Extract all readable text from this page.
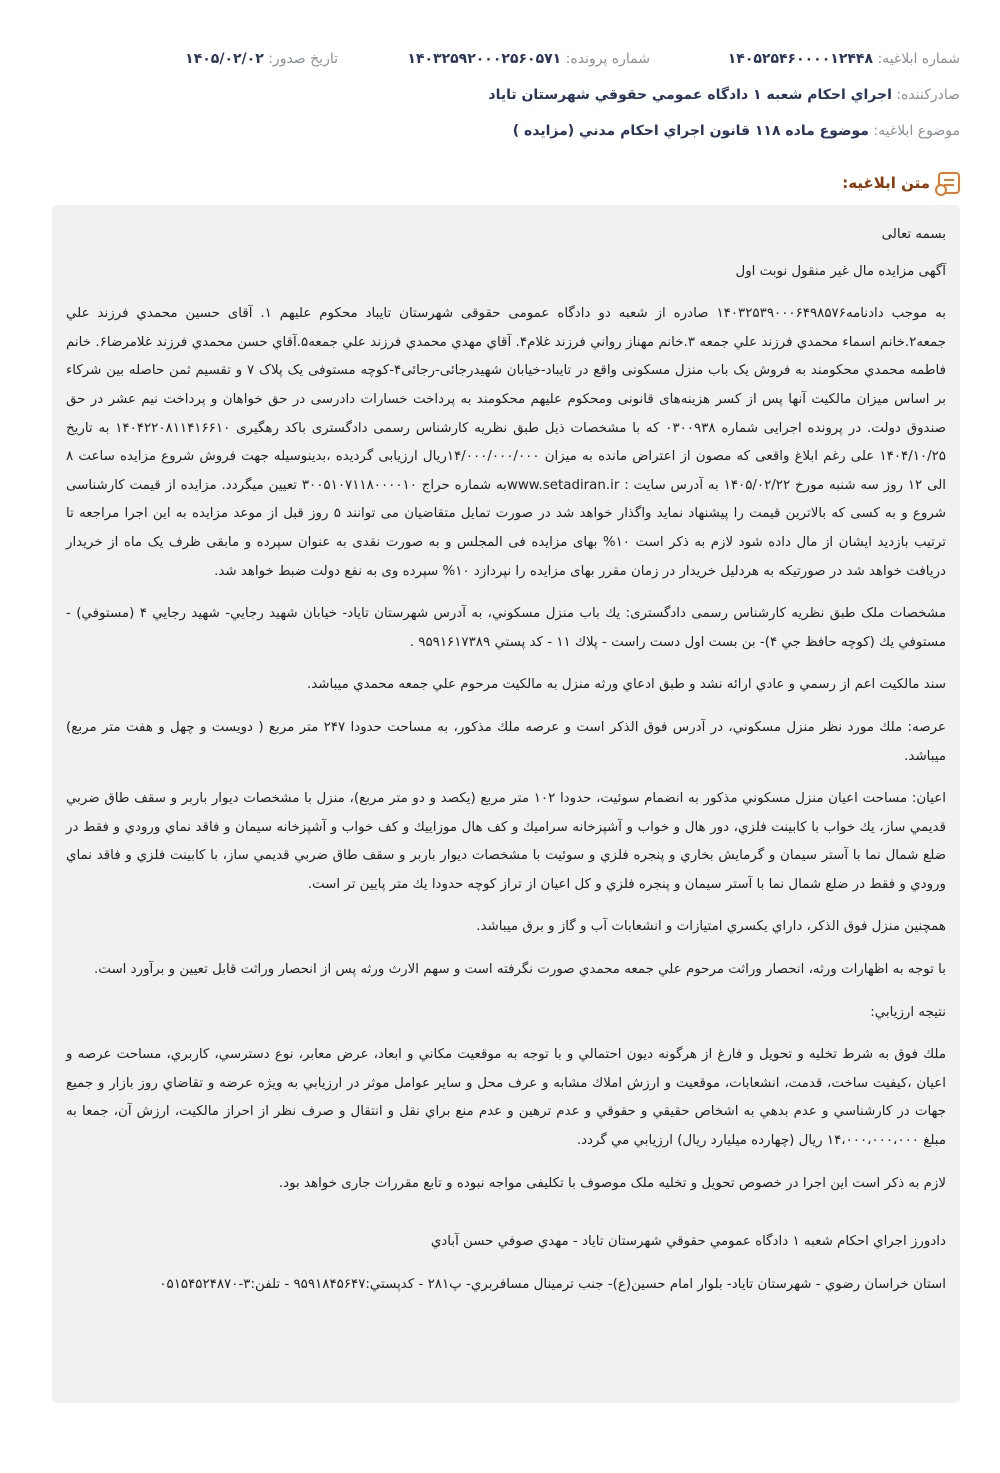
شماره ابلاغیه: ۱۴۰۵۲۵۴۶۰۰۰۰۱۲۴۴۸
شماره پرونده: ۱۴۰۳۲۵۹۲۰۰۰۲۵۶۰۵۷۱
تاریخ صدور: ۱۴۰۵/۰۲/۰۲
صادرکننده: اجراي احكام شعبه ۱ دادگاه عمومي حقوقي شهرستان تاياد
موضوع ابلاغیه: موضوع ماده ۱۱۸ قانون اجراي احكام مدني (مزايده )
متن ابلاغیه:

بسمه تعالی

آگهی مزایده مال غیر منقول نوبت اول

به موجب دادنامه۱۴۰۳۲۵۳۹۰۰۰۶۴۹۸۵۷۶ صادره از شعبه دو دادگاه عمومی حقوقی شهرستان تایباد محکوم علیهم ۱. آقای حسین محمدي فرزند علي جمعه۲.خانم اسماء محمدي فرزند علي جمعه ۳.خانم مهناز رواني فرزند غلام۴. آقاي مهدي محمدي فرزند علي جمعه۵.آقاي حسن محمدي فرزند غلامرضا۶. خانم فاطمه محمدي محکومند به فروش یک باب منزل مسکونی واقع در تایباد-خیابان شهیدرجائی-رجائی۴-کوچه مستوفی یک پلاک ۷ و تقسیم ثمن حاصله بین شرکاء بر اساس میزان مالکیت آنها پس از کسر هزینه‌های قانونی ومحکوم علیهم محکومند به پرداخت خسارات دادرسی در حق خواهان و پرداخت نیم عشر در حق صندوق دولت. در پرونده اجرایی شماره ۰۳۰۰۹۳۸ که با مشخصات ذیل طبق نظریه کارشناس رسمی دادگستری باکد رهگیری ۱۴۰۴۲۲۰۸۱۱۴۱۶۶۱۰ به تاریخ ۱۴۰۴/۱۰/۲۵ علی رغم ابلاغ واقعی که مصون از اعتراض مانده به میزان ۱۴/۰۰۰/۰۰۰/۰۰۰ریال ارزیابی گردیده ،بدینوسیله جهت فروش شروع مزایده ساعت ۸ الی ۱۲ روز سه شنبه مورخ ۱۴۰۵/۰۲/۲۲ به آدرس سایت : www.setadiran.irبه شماره حراج ۳۰۰۵۱۰۷۱۱۸۰۰۰۰۱۰ تعیین میگردد. مزایده از قیمت کارشناسی شروع و به کسی که بالاترین قیمت را پیشنهاد نماید واگذار خواهد شد در صورت تمایل متقاضیان می توانند ۵ روز قبل از موعد مزایده به این اجرا مراجعه تا ترتیب بازدید ایشان از مال داده شود لازم به ذکر است ۱۰% بهای مزایده فی المجلس و به صورت نقدی به عنوان سپرده و مابقی ظرف یک ماه از خریدار دریافت خواهد شد در صورتیکه به هردلیل خریدار در زمان مقرر بهای مزایده را نپردازد ۱۰% سپرده وی به نفع دولت ضبط خواهد شد.

مشخصات ملک طبق نظريه كارشناس رسمی دادگستری: يك باب منزل مسكوني، به آدرس شهرستان تاياد- خيابان شهيد رجايي- شهيد رجايي ۴ (مستوفي) - مستوفي يك (كوچه حافظ جي ۴)- بن بست اول دست راست - پلاك ۱۱ - كد پستي ۹۵۹۱۶۱۷۳۸۹ .

سند مالكيت اعم از رسمي و عادي ارائه نشد و طبق ادعاي ورثه منزل به مالكيت مرحوم علي جمعه محمدي ميباشد.

عرصه: ملك مورد نظر منزل مسكوني، در آدرس فوق الذكر است و عرصه ملك مذكور، به مساحت حدودا ۲۴۷ متر مربع ( دويست و چهل و هفت متر مربع) ميباشد.

اعيان: مساحت اعيان منزل مسكوني مذكور به انضمام سوئيت، حدودا ۱۰۲ متر مربع (يكصد و دو متر مربع)، منزل با مشخصات ديوار باربر و سقف طاق ضربي قديمي ساز، يك خواب با كابينت فلزي، دور هال و خواب و آشپزخانه سراميك و كف هال موزاييك و كف خواب و آشپزخانه سيمان و فاقد نماي ورودي و فقط در ضلع شمال نما با آستر سيمان و گرمايش بخاري و پنجره فلزي و سوئيت با مشخصات ديوار باربر و سقف طاق ضربي قديمي ساز، با كابينت فلزي و فاقد نماي ورودي و فقط در ضلع شمال نما با آستر سيمان و پنجره فلزي و كل اعيان از تراز كوچه حدودا يك متر پايين تر است.

همچنين منزل فوق الذكر، داراي يكسري امتيازات و انشعابات آب و گاز و برق ميباشد.

با توجه به اظهارات ورثه، انحصار وراثت مرحوم علي جمعه محمدي صورت نگرفته است و سهم الارث ورثه پس از انحصار وراثت قابل تعيين و برآورد است.

نتيجه ارزيابي:

ملك فوق به شرط تخليه و تحويل و فارغ از هرگونه ديون احتمالي و با توجه به موقعيت مكاني و ابعاد، عرض معابر، نوع دسترسي، كاربري، مساحت عرصه و اعيان ،كيفيت ساخت، قدمت، انشعابات، موقعيت و ارزش املاك مشابه و عرف محل و ساير عوامل موثر در ارزيابي به ويژه عرضه و تقاضاي روز بازار و جميع جهات در كارشناسي و عدم بدهي به اشخاص حقيقي و حقوقي و عدم ترهين و عدم منع براي نقل و انتقال و صرف نظر از احراز مالكيت، ارزش آن، جمعا به مبلغ ۱۴،۰۰۰،۰۰۰،۰۰۰ ريال (چهارده ميليارد ريال) ارزيابي مي گردد.

لازم به ذکر است این اجرا در خصوص تحویل و تخلیه ملک موصوف با تکلیفی مواجه نبوده و تابع مقررات جاری خواهد بود.

دادورز اجراي احكام شعبه ۱ دادگاه عمومي حقوقي شهرستان تاياد - مهدي صوفي حسن آبادي

استان خراسان رضوي - شهرستان تاياد- بلوار امام حسين(ع)- جنب ترمينال مسافربري- پ۲۸۱ - كدپستي:۹۵۹۱۸۴۵۶۴۷ - تلفن:۳-۰۵۱۵۴۵۲۴۸۷۰
